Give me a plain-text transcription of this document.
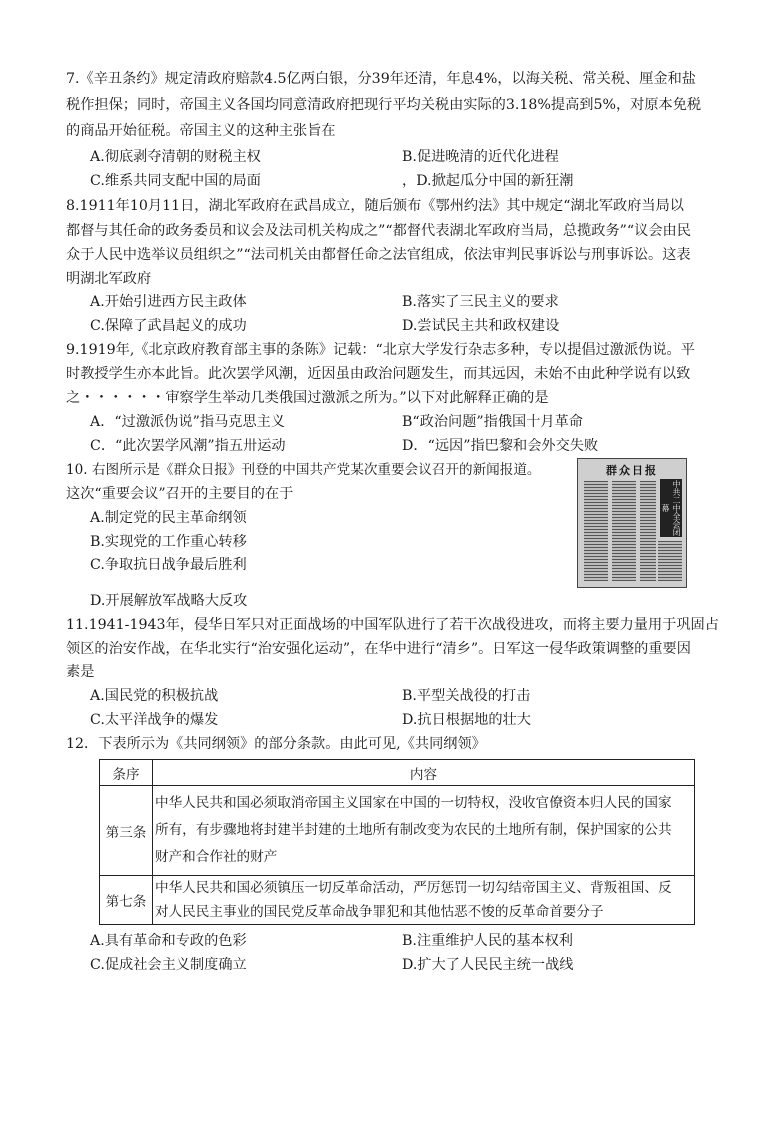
7.《辛丑条约》规定清政府赔款4.5亿两白银，分39年还清，年息4%，以海关税、常关税、厘金和盐
税作担保；同时，帝国主义各国均同意清政府把现行平均关税由实际的3.18%提高到5%，对原本免税
的商品开始征税。帝国主义的这种主张旨在
A.彻底剥夺清朝的财税主权	B.促进晚清的近代化进程
C.维系共同支配中国的局面	，D.掀起瓜分中国的新狂潮
8.1911年10月11日，湖北军政府在武昌成立，随后颁布《鄂州约法》其中规定“湖北军政府当局以
都督与其任命的政务委员和议会及法司机关构成之”“都督代表湖北军政府当局，总揽政务”“议会由民
众于人民中选举议员组织之”“法司机关由都督任命之法官组成，依法审判民事诉讼与刑事诉讼。这表
明湖北军政府
A.开始引进西方民主政体	B.落实了三民主义的要求
C.保障了武昌起义的成功	D.尝试民主共和政权建设
9.1919年,《北京政府教育部主事的条陈》记载：“北京大学发行杂志多种，专以提倡过激派伪说。平
时教授学生亦本此旨。此次罢学风潮，近因虽由政治问题发生，而其远因，未始不由此种学说有以致
之・・・・・・审察学生举动几类俄国过激派之所为。”以下对此解释正确的是
A．“过激派伪说”指马克思主义	B“政治问题”指俄国十月革命
C．“此次罢学风潮”指五卅运动	D．“远因”指巴黎和会外交失败
10. 右图所示是《群众日报》刊登的中国共产党某次重要会议召开的新闻报道。
这次“重要会议”召开的主要目的在于
A.制定党的民主革命纲领
B.实现党的工作重心转移
C.争取抗日战争最后胜利
D.开展解放军战略大反攻
群众日报
中共二中全会闭幕
11.1941-1943年，侵华日军只对正面战场的中国军队进行了若干次战役进攻，而将主要力量用于巩固占
领区的治安作战，在华北实行“治安强化运动”，在华中进行“清乡”。日军这一侵华政策调整的重要因
素是
A.国民党的积极抗战	B.平型关战役的打击
C.太平洋战争的爆发	D.抗日根据地的壮大
12．下表所示为《共同纲领》的部分条款。由此可见,《共同纲领》
条序	内容
第三条	中华人民共和国必须取消帝国主义国家在中国的一切特权，没收官僚资本归人民的国家
所有，有步骤地将封建半封建的土地所有制改变为农民的土地所有制，保护国家的公共
财产和合作社的财产

第七条	中华人民共和国必须镇压一切反革命活动，严厉惩罚一切勾结帝国主义、背叛祖国、反
对人民民主事业的国民党反革命战争罪犯和其他怙恶不悛的反革命首要分子
A.具有革命和专政的色彩	B.注重维护人民的基本权利
C.促成社会主义制度确立	D.扩大了人民民主统一战线
